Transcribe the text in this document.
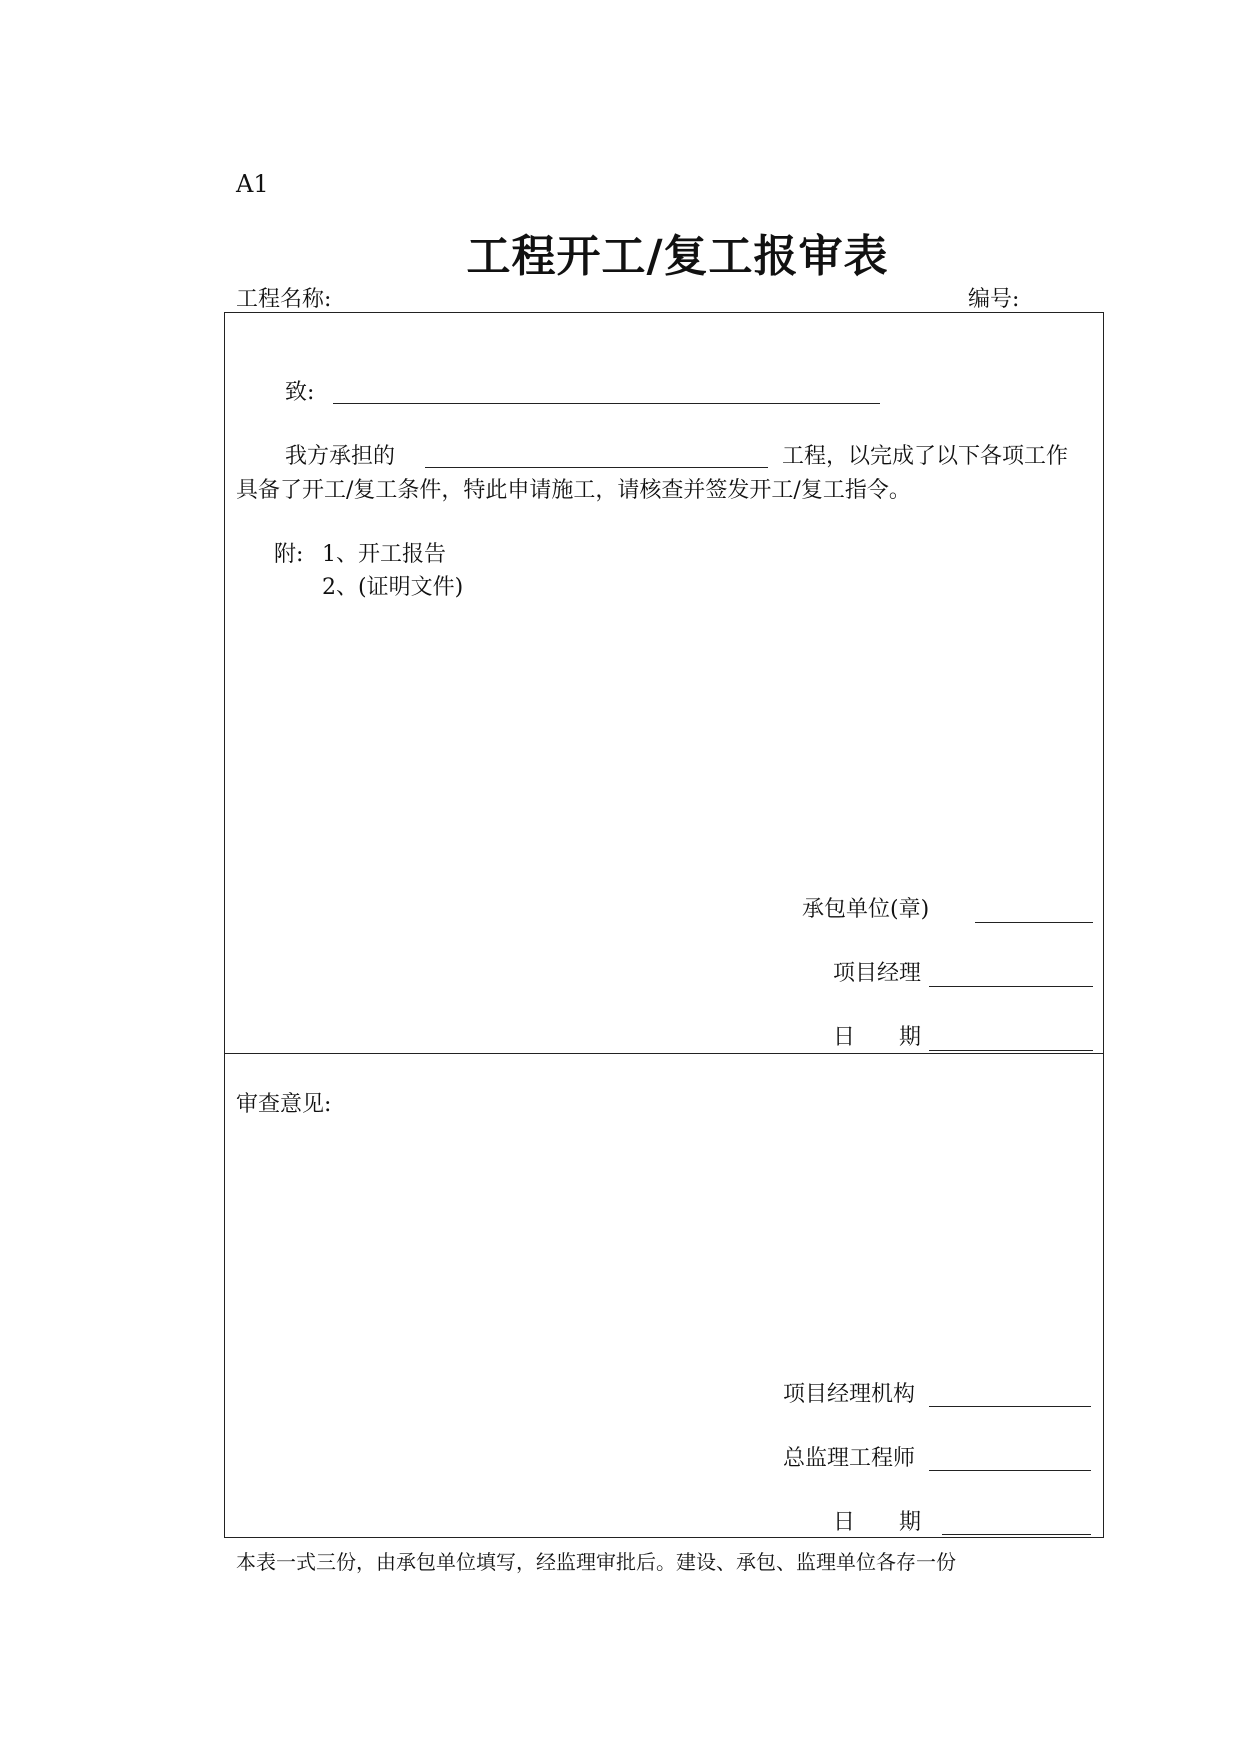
A1
工程开工/复工报审表
工程名称:	编号:
致:
我方承担的	工程，以完成了以下各项工作
具备了开工/复工条件，特此申请施工，请核查并签发开工/复工指令。
附: 1、开工报告
2、(证明文件)
承包单位(章)
项目经理
日　　期
审查意见:
项目经理机构
总监理工程师
日　　期
本表一式三份，由承包单位填写，经监理审批后。建设、承包、监理单位各存一份
